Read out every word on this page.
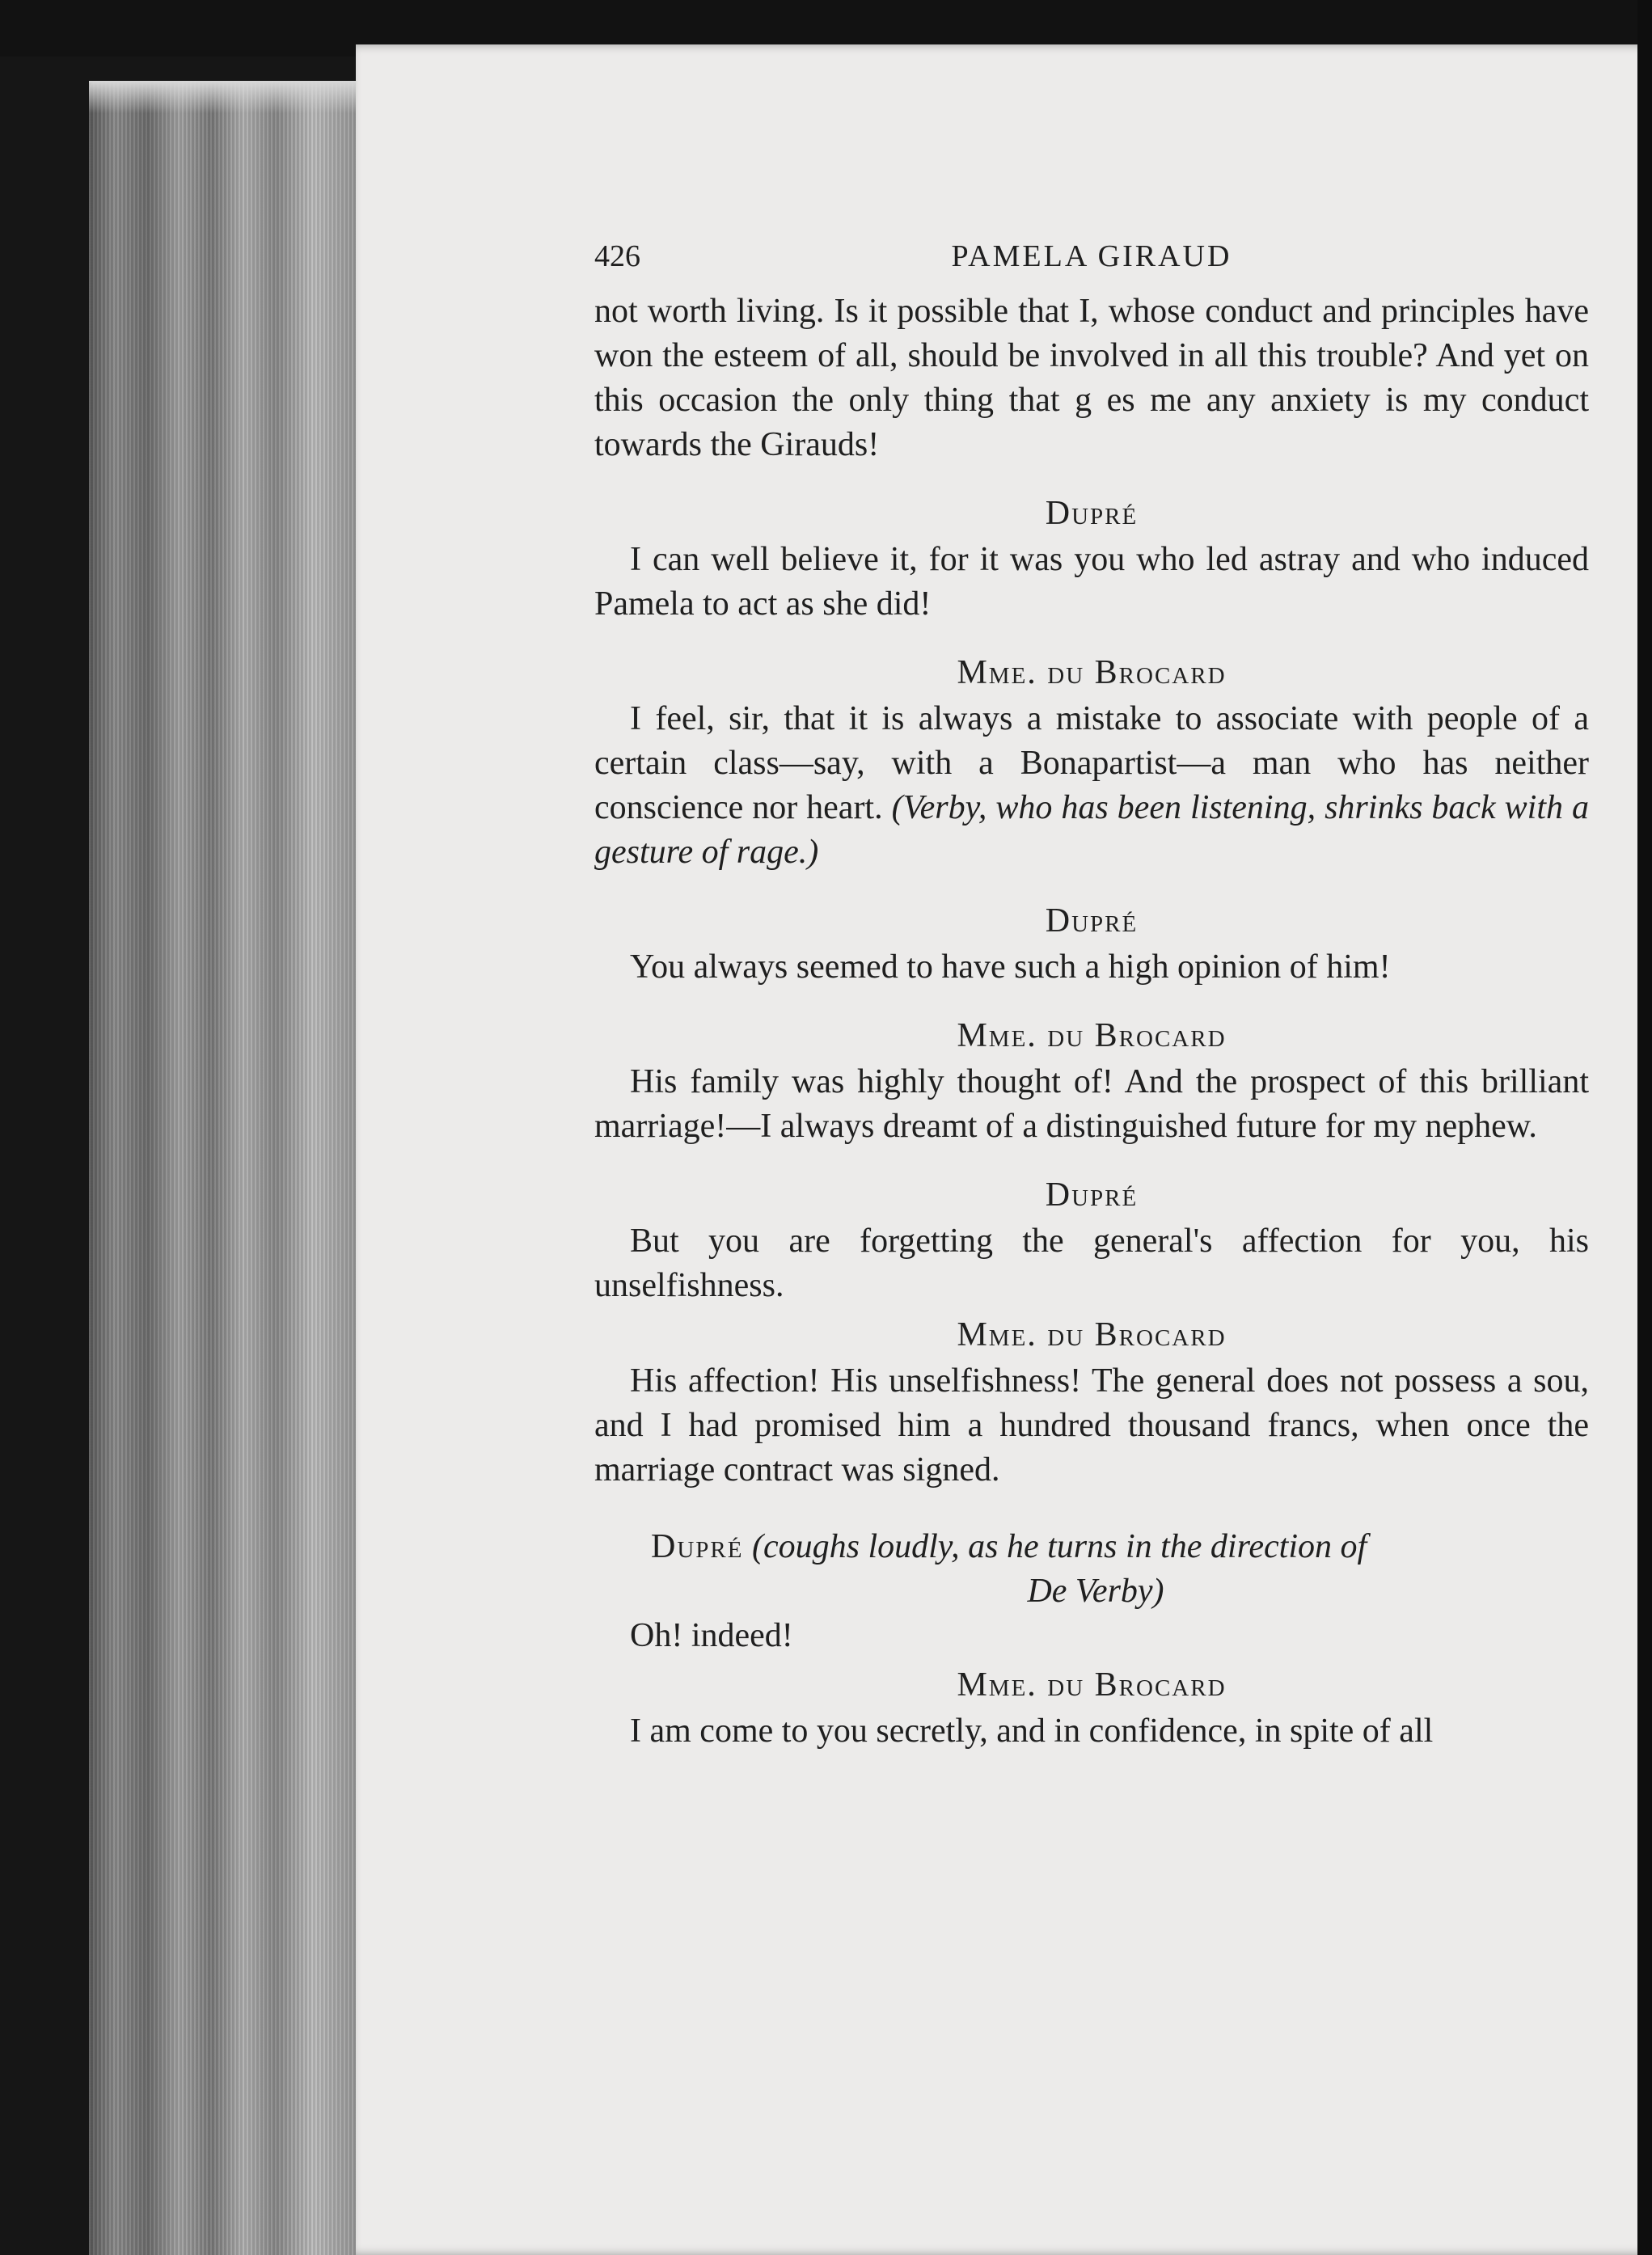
426	PAMELA GIRAUD

not worth living. Is it possible that I, whose conduct and principles have won the esteem of all, should be involved in all this trouble? And yet on this occasion the only thing that g es me any anxiety is my conduct towards the Girauds!

Dupré

I can well believe it, for it was you who led astray and who induced Pamela to act as she did!

Mme. du Brocard

I feel, sir, that it is always a mistake to associate with people of a certain class—say, with a Bonapartist—a man who has neither conscience nor heart. (Verby, who has been listening, shrinks back with a gesture of rage.)

Dupré

You always seemed to have such a high opinion of him!

Mme. du Brocard

His family was highly thought of! And the prospect of this brilliant marriage!—I always dreamt of a distinguished future for my nephew.

Dupré

But you are forgetting the general's affection for you, his unselfishness.

Mme. du Brocard

His affection! His unselfishness! The general does not possess a sou, and I had promised him a hundred thousand francs, when once the marriage contract was signed.

Dupré (coughs loudly, as he turns in the direction of
De Verby)

Oh! indeed!

Mme. du Brocard

I am come to you secretly, and in confidence, in spite of all
